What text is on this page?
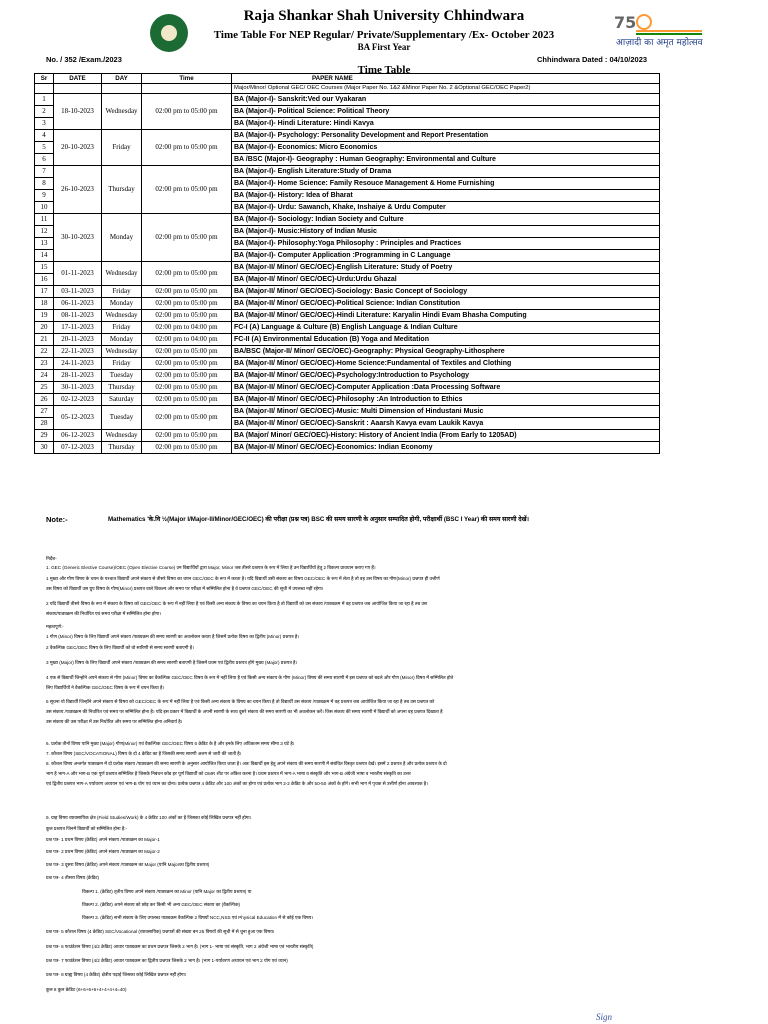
Raja Shankar Shah University Chhindwara
Time Table For NEP Regular/ Private/Supplementary /Ex- October 2023
BA First Year
75
आज़ादी का अमृत महोत्सव
No. / 352 /Exam./2023	Chhindwara Dated : 04/10/2023
Time Table
Sr	DATE	DAY	Time	PAPER NAME
				Major/Minor/ Optional GEC/ OEC Courses (Major Paper No. 1&2 &Minor Paper No. 2 &Optional GEC/OEC Paper2)
1	18-10-2023	Wednesday	02:00 pm to 05:00 pm	BA (Major-I)- Sanskrit:Ved our Vyakaran
2				BA (Major-I)- Political Science: Political Theory
3				BA (Major-I)- Hindi Literature: Hindi Kavya
4	20-10-2023	Friday	02:00 pm to 05:00 pm	BA (Major-I)- Psychology: Personality Development and Report Presentation
5				BA (Major-I)- Economics: Micro Economics
6				BA /BSC (Major-I)- Geography : Human Geography: Environmental and Culture
7	26-10-2023	Thursday	02:00 pm to 05:00 pm	BA (Major-I)- English Literature:Study of Drama
8				BA (Major-I)- Home Science: Family Resouce Management & Home Furnishing
9				BA (Major-I)- History: Idea of Bharat
10				BA (Major-I)- Urdu: Sawanch, Khake, Inshaiye & Urdu Computer
11	30-10-2023	Monday	02:00 pm to 05:00 pm	BA (Major-I)- Sociology: Indian Society and Culture
12				BA (Major-I)- Music:History of Indian Music
13				BA (Major-I)- Philosophy:Yoga Philosophy : Principles and Practices
14				BA (Major-I)- Computer Application :Programming in C Language
15	01-11-2023	Wednesday	02:00 pm to 05:00 pm	BA (Major-II/ Minor/ GEC/OEC)-English Literature: Study of Poetry
16				BA (Major-II/ Minor/ GEC/OEC)-Urdu:Urdu Ghazal
17	03-11-2023	Friday	02:00 pm to 05:00 pm	BA (Major-II/ Minor/ GEC/OEC)-Sociology: Basic Concept of Sociology
18	06-11-2023	Monday	02:00 pm to 05:00 pm	BA (Major-II/ Minor/ GEC/OEC)-Political Science: Indian Constitution
19	08-11-2023	Wednesday	02:00 pm to 05:00 pm	BA (Major-II/ Minor/ GEC/OEC)-Hindi Literature: Karyalin Hindi Evam Bhasha Computing
20	17-11-2023	Friday	02:00 pm to 04:00 pm	FC-I (A) Language & Culture (B) English Language & Indian Culture
21	20-11-2023	Monday	02:00 pm to 04:00 pm	FC-II (A) Environmental Education (B) Yoga and Meditation
22	22-11-2023	Wednesday	02:00 pm to 05:00 pm	BA/BSC (Major-II/ Minor/ GEC/OEC)-Geography: Physical Geography-Lithosphere
23	24-11-2023	Friday	02:00 pm to 05:00 pm	BA (Major-II/ Minor/ GEC/OEC)-Home Science:Fundamental of Textiles and Clothing
24	28-11-2023	Tuesday	02:00 pm to 05:00 pm	BA (Major-II/ Minor/ GEC/OEC)-Psychology:Introduction to Psychology
25	30-11-2023	Thursday	02:00 pm to 05:00 pm	BA (Major-II/ Minor/ GEC/OEC)-Computer Application :Data Processing Software
26	02-12-2023	Saturday	02:00 pm to 05:00 pm	BA (Major-II/ Minor/ GEC/OEC)-Philosophy :An Introduction to Ethics
27	05-12-2023	Tuesday	02:00 pm to 05:00 pm	BA (Major-II/ Minor/ GEC/OEC)-Music: Multi Dimension of Hindustani Music
28				BA (Major-II/ Minor/ GEC/OEC)-Sanskrit : Aaarsh Kavya evam Laukik Kavya
29	06-12-2023	Wednesday	02:00 pm to 05:00 pm	BA (Major/ Minor/ GEC/OEC)-History: History of Ancient India (From Early to 1205AD)
30	07-12-2023	Thursday	02:00 pm to 05:00 pm	BA (Major-II/ Minor/ GEC/OEC)-Economics: Indian Economy
Note:-	Mathematics 'के.वि ½(Major I/Major-II/Minor/GEC/OEC) की परीक्षा (प्रश्न पत्र) BSC की समय सारणी के अनुसार सम्पादित होगी, परीक्षार्थी (BSC I Year) की समय सारणी देखें।
निर्देश-
1. GEC (Generic Elective Course)/OEC (Open Elective Course) उन विद्यार्थियों द्वारा Major, Minor जब तीसरे प्रश्नपत्र के रूप में लिया है उन विद्यार्थियों हेतु 2 विकल्प प्रावधान कराए गए हैं।
1 मुख्य और गौण विषय के चयन के पश्चात विद्यार्थी अपने संकाय से तीसरे विषय का चयन GEC/OEC के रूप में करता है। यदि विद्यार्थी उसी संकाय का विषय GEC/OEC के रूप में लेता है तो वह उस विषय का गौण(Minor) प्रश्नपत्र ही उत्तीर्ण
उस विषय को विद्यार्थी उस ग्रुप विषय के गौण(Minor) प्रश्नपत्र वाले विकल्प और समय पर परीक्षा में सम्मिलित होना है वे प्रश्नपत्र GEC/OEC की सूची में उपलब्ध नहीं रहेगा।
2 यदि विद्यार्थी तीसरे विषय के रूप में संकाय के विषय को GEC/OEC के रूप में नहीं लिया है एवं किसी अन्य संकाय के विषय का चयन किया है तो विद्यार्थी को उस संकाय /पाठ्यक्रम में वह प्रश्नपत्र जब आयोजित किया जा रहा है तब उस
संकाय/पाठ्यक्रम की निर्धारित एवं समय परीक्षा में सम्मिलित होना होगा।
महत्वपूर्ण:-
1 गौण (Minor) विषय के लिए विद्यार्थी अपने संकाय /पाठ्यक्रम की समय सारणी का अवलोकन करता है जिसमें प्रत्येक विषय का द्वितीय (Minor) प्रश्नपत्र है।
2 वैकल्पिक GEC/OEC विषय के लिए विद्यार्थी को वो सारिणी से समय सारणी बताएगी है।
3 मुख्य (Major) विषय के लिए विद्यार्थी अपने संकाय /पाठ्यक्रम की समय सारणी बताएगी है जिसमें प्रथम एवं द्वितीय प्रश्नपत्र होंगे मुख्य (Major) प्रश्नपत्र है।
4 एक से विद्यार्थी जिन्होंने अपने संकाय से गौण (Minor) विषय का वैकल्पिक GEC/OEC विषय के रूप में नहीं लिया है एवं किसी अन्य संकाय के गौण (Minor) विषय की समय सारणी में इस प्रश्नपत्र को बदले और गौण (Minor) विषय में सम्मिलित होते
लिए विद्यार्थियों ने वैकल्पिक GEC/OEC विषय के रूप में चयन किया है।
5 सूचना यो विद्यार्थी जिन्होंने अपने संकाय से विषय को GEC/OEC के रूप में नहीं लिया है एवं किसी अन्य संकाय के विषय का चयन किया है तो विद्यार्थी उस संकाय /पाठ्यक्रम में वह प्रश्नपत्र जब आयोजित किया जा रहा है तब उस प्रश्नपत्र को
उस संकाय /पाठ्यक्रम की निर्धारित एवं समय पर सम्मिलित होना है। यदि इस प्रकार में विद्यार्थी के अपनी सारणी के साथ दूसरे संकाय की समय सारणी का भी अवलोकन करें। जिस संकाय की समय सारणी में विद्यार्थी को अपना वह प्रश्नपत्र दिखाता है
उस संकाय की उस परीक्षा में उस निर्धारित और समय पर सम्मिलित होना अनिवार्य है।
6. प्रत्येक तीनों विषय यानि मुख्य (Major) गौण(Minor) एवं वैकल्पिक GEC/OEC विषय 6 क्रेडिट के है और इनके लिए अधिकतम समय सीमा 3 घंटे है।
7. कौशल विषय (SEC/VOCATIONAL) विषय के दो 4 क्रेडिट का है जिसकी समय सारणी अलग से जारी की जाती है।
8. कौशल विषय अन्तर्गत पाठ्यक्रम में दो प्रत्येक संकाय /पाठ्यक्रम की समय सारणी के अनुसार आयोजित किया जाता है। अतः विद्यार्थी इस हेतु अपने संकाय की समय सारणी में संबंधित विस्तृत प्रश्नपत्र देखें। इसमें 2 प्रश्नपत्र है और प्रत्येक प्रश्नपत्र के दो
भाग है भाग-A और भाग-B एक पूर्ण प्रश्नपत्र सम्मिलित है जिसके निबंधन कोड हर पूर्ण विद्यार्थी को OMR शीट पर अंकित करना है। प्रथम प्रश्नपत्र में भाग-A भाषा व संस्कृति और भाग-B अंग्रेजी भाषा व भारतीय संस्कृति का उत्तर
एवं द्वितीय प्रश्नपत्र भाग-A पर्यावरण अध्ययन एवं भाग-B योग एवं ध्यान का दोना। प्रत्येक प्रश्नपत्र 4 क्रेडिट और 100 अंकों का होगा एवं प्रत्येक भाग 2-2 क्रेडिट के और 50-50 अंकों के होंगे। सभी भाग में पृथक से उत्तीर्ण होना आवश्यक है।
9. ग्राह विषय व्यावसायिक क्षेत्र (Field Studies/Work) के 4 क्रेडिट 100 अंकों का है जिसका कोई लिखित प्रश्नपत्र नहीं होगा।
कुल प्रश्नपत्र जिनमें विद्यार्थी को सम्मिलित होना है:-
प्रश्न पत्र- 1 प्रथम विषय (क्रेडिट) अपने संकाय /पाठ्यक्रम का Major-1
प्रश्न पत्र- 2 प्रथम विषय (क्रेडिट) अपने संकाय /पाठ्यक्रम का Major-2
प्रश्न पत्र- 3 दूसरा विषय (क्रेडिट) अपने संकाय /पाठ्यक्रम का Major (यानि Majorका द्वितीय प्रश्नपत्र)
प्रश्न पत्र- 4 तीसरा विषय (क्रेडिट)
विकल्प 1. (क्रेडिट) तृतीय विषय अपने संकाय /पाठ्यक्रम का Minor (यानि Major का द्वितीय प्रश्नपत्र) या
विकल्प 2. (क्रेडिट) अपने संकाय को छोड़ कर किसी भी अन्य GEC/OEC संकाय का (वैकल्पिक)
विकल्प 3. (क्रेडिट) सभी संकाय के लिए उपलब्ध पाठ्यक्रम वैकल्पिक 2 विषयों NCC,NSS एवं Physical Education में से कोई एक विषय।
प्रश्न पत्र- 5 कौशल विषय (4 क्रेडिट) SEC/Vocational (व्यावसायिक) प्रश्नपत्रों की संख्या बन 25 विषयों की सूची में से चुना हुआ एक विषय।
प्रश्न पत्र- 6 फाउंडेशन विषय (4/2 क्रेडिट) आधार पाठ्यक्रम का प्रथम प्रश्नपत्र जिसके 2 भाग है। (भाग 1- भाषा एवं संस्कृति, भाग 2 अंग्रेजी भाषा एवं भारतीय संस्कृति)
प्रश्न पत्र- 7 फाउंडेशन विषय (4/2 क्रेडिट) आधार पाठ्यक्रम का द्वितीय प्रश्नपत्र जिसके 2 भाग है। (भाग 1-पर्यावरण अध्ययन एवं भाग 2 योग एवं ध्यान)
प्रश्न पत्र- 8 ग्राह्य विषय (4 क्रेडिट) क्षेत्रीय पढ़ाई जिसका कोई लिखित प्रश्नपत्र नहीं होगा।
कुल 8 कुल क्रेडिट (6+6+6+6+4+4+4+4=40)
Sign
